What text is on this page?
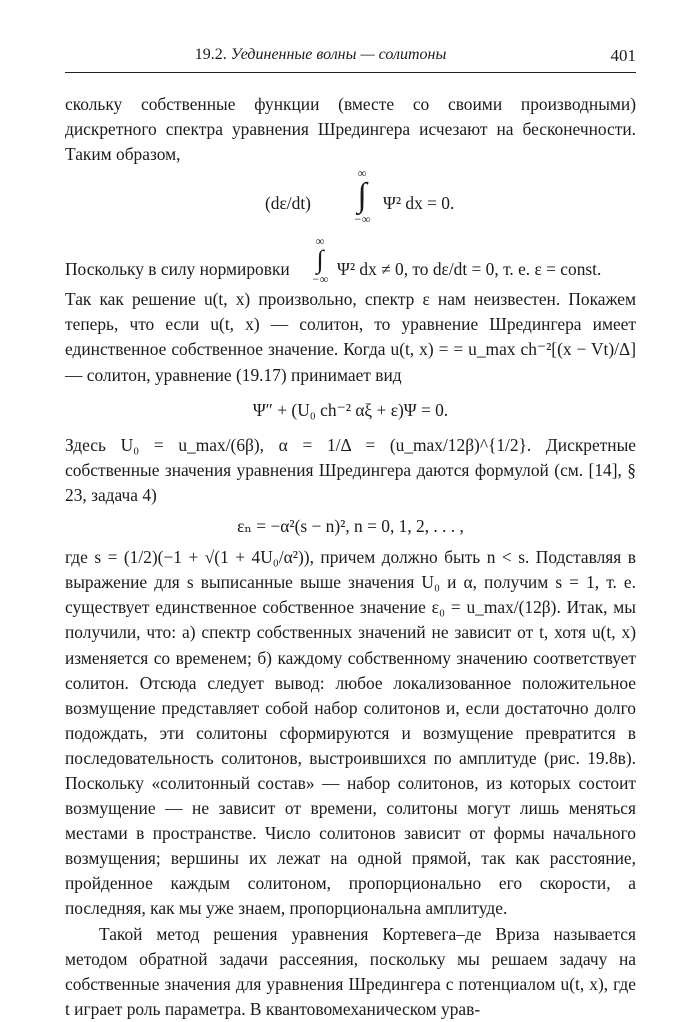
19.2. Уединенные волны — солитоны	401

скольку собственные функции (вместе со своими производными) дискретного спектра уравнения Шредингера исчезают на бесконечности. Таким образом,

(dε/dt)
∞
∫
−∞
Ψ² dx = 0.
Поскольку в силу нормировки
∞
∫
−∞ Ψ² dx ≠ 0, то dε/dt = 0, т. е. ε = const.

Так как решение u(t, x) произвольно, спектр ε нам неизвестен. Покажем теперь, что если u(t, x) — солитон, то уравнение Шредингера имеет единственное собственное значение. Когда u(t, x) = = u_max ch⁻²[(x − Vt)/Δ] — солитон, уравнение (19.17) принимает вид

Ψ″ + (U₀ ch⁻² αξ + ε)Ψ = 0.

Здесь U₀ = u_max/(6β), α = 1/Δ = (u_max/12β)^{1/2}. Дискретные собственные значения уравнения Шредингера даются формулой (см. [14], § 23, задача 4)

εₙ = −α²(s − n)², n = 0, 1, 2, . . . ,

где s = (1/2)(−1 + √(1 + 4U₀/α²)), причем должно быть n < s. Подставляя в выражение для s выписанные выше значения U₀ и α, получим s = 1, т. е. существует единственное собственное значение ε₀ = u_max/(12β). Итак, мы получили, что: а) спектр собственных значений не зависит от t, хотя u(t, x) изменяется со временем; б) каждому собственному значению соответствует солитон. Отсюда следует вывод: любое локализованное положительное возмущение представляет собой набор солитонов и, если достаточно долго подождать, эти солитоны сформируются и возмущение превратится в последовательность солитонов, выстроившихся по амплитуде (рис. 19.8в). Поскольку «солитонный состав» — набор солитонов, из которых состоит возмущение — не зависит от времени, солитоны могут лишь меняться местами в пространстве. Число солитонов зависит от формы начального возмущения; вершины их лежат на одной прямой, так как расстояние, пройденное каждым солитоном, пропорционально его скорости, а последняя, как мы уже знаем, пропорциональна амплитуде.

Такой метод решения уравнения Кортевега–де Вриза называется методом обратной задачи рассеяния, поскольку мы решаем задачу на собственные значения для уравнения Шредингера с потенциалом u(t, x), где t играет роль параметра. В квантовомеханическом урав-
